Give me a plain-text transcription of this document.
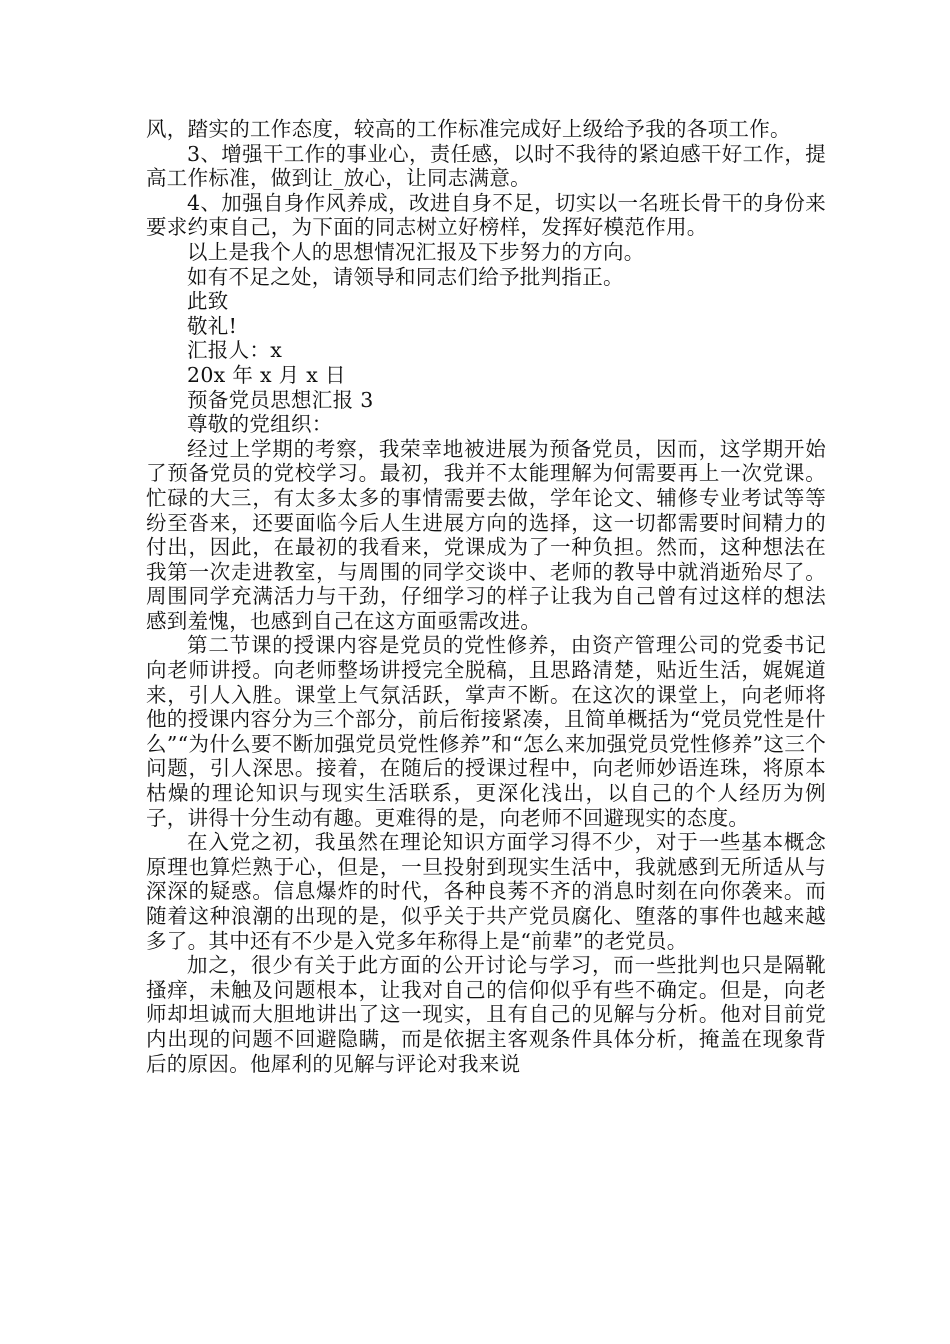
风，踏实的工作态度，较高的工作标准完成好上级给予我的各项工作。

3、增强干工作的事业心，责任感，以时不我待的紧迫感干好工作，提高工作标准，做到让_放心，让同志满意。

4、加强自身作风养成，改进自身不足，切实以一名班长骨干的身份来要求约束自己，为下面的同志树立好榜样，发挥好模范作用。

以上是我个人的思想情况汇报及下步努力的方向。

如有不足之处，请领导和同志们给予批判指正。

此致

敬礼!

汇报人：x

20x 年 x 月 x 日

预备党员思想汇报 3

尊敬的党组织：

经过上学期的考察，我荣幸地被进展为预备党员，因而，这学期开始了预备党员的党校学习。最初，我并不太能理解为何需要再上一次党课。忙碌的大三，有太多太多的事情需要去做，学年论文、辅修专业考试等等纷至沓来，还要面临今后人生进展方向的选择，这一切都需要时间精力的付出，因此，在最初的我看来，党课成为了一种负担。然而，这种想法在我第一次走进教室，与周围的同学交谈中、老师的教导中就消逝殆尽了。周围同学充满活力与干劲，仔细学习的样子让我为自己曾有过这样的想法感到羞愧，也感到自己在这方面亟需改进。

第二节课的授课内容是党员的党性修养，由资产管理公司的党委书记向老师讲授。向老师整场讲授完全脱稿，且思路清楚，贴近生活，娓娓道来，引人入胜。课堂上气氛活跃，掌声不断。在这次的课堂上，向老师将他的授课内容分为三个部分，前后衔接紧凑，且简单概括为“党员党性是什么”“为什么要不断加强党员党性修养”和“怎么来加强党员党性修养”这三个问题，引人深思。接着，在随后的授课过程中，向老师妙语连珠，将原本枯燥的理论知识与现实生活联系，更深化浅出，以自己的个人经历为例子，讲得十分生动有趣。更难得的是，向老师不回避现实的态度。

在入党之初，我虽然在理论知识方面学习得不少，对于一些基本概念原理也算烂熟于心，但是，一旦投射到现实生活中，我就感到无所适从与深深的疑惑。信息爆炸的时代，各种良莠不齐的消息时刻在向你袭来。而随着这种浪潮的出现的是，似乎关于共产党员腐化、堕落的事件也越来越多了。其中还有不少是入党多年称得上是“前辈”的老党员。

加之，很少有关于此方面的公开讨论与学习，而一些批判也只是隔靴搔痒，未触及问题根本，让我对自己的信仰似乎有些不确定。但是，向老师却坦诚而大胆地讲出了这一现实，且有自己的见解与分析。他对目前党内出现的问题不回避隐瞒，而是依据主客观条件具体分析，掩盖在现象背后的原因。他犀利的见解与评论对我来说
